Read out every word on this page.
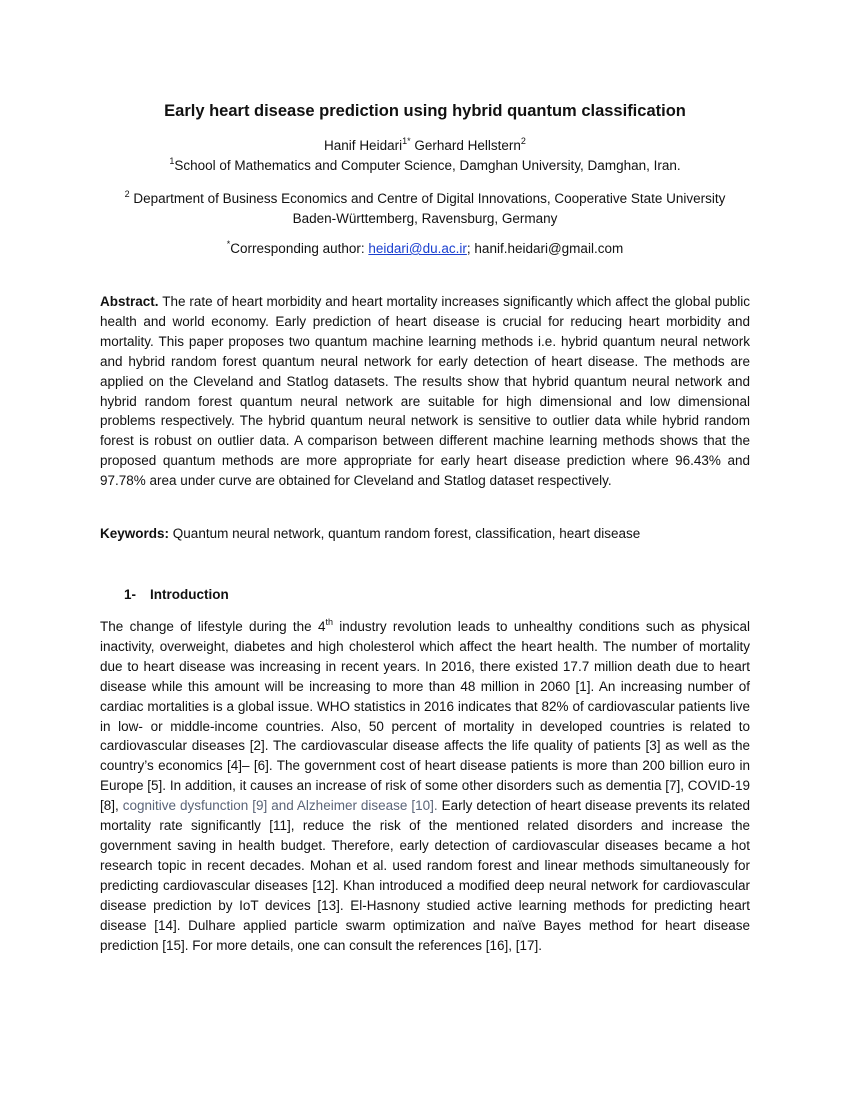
Early heart disease prediction using hybrid quantum classification
Hanif Heidari$^{1*}$ Gerhard Hellstern$^2$
$^1$School of Mathematics and Computer Science, Damghan University, Damghan, Iran.
$^2$ Department of Business Economics and Centre of Digital Innovations, Cooperative State University
Baden-Württemberg, Ravensburg, Germany
*Corresponding author: heidari@du.ac.ir; hanif.heidari@gmail.com
Abstract. The rate of heart morbidity and heart mortality increases significantly which affect the global public health and world economy. Early prediction of heart disease is crucial for reducing heart morbidity and mortality. This paper proposes two quantum machine learning methods i.e. hybrid quantum neural network and hybrid random forest quantum neural network for early detection of heart disease. The methods are applied on the Cleveland and Statlog datasets. The results show that hybrid quantum neural network and hybrid random forest quantum neural network are suitable for high dimensional and low dimensional problems respectively. The hybrid quantum neural network is sensitive to outlier data while hybrid random forest is robust on outlier data. A comparison between different machine learning methods shows that the proposed quantum methods are more appropriate for early heart disease prediction where 96.43% and 97.78% area under curve are obtained for Cleveland and Statlog dataset respectively.
Keywords: Quantum neural network, quantum random forest, classification, heart disease
1- Introduction
The change of lifestyle during the 4th industry revolution leads to unhealthy conditions such as physical inactivity, overweight, diabetes and high cholesterol which affect the heart health. The number of mortality due to heart disease was increasing in recent years. In 2016, there existed 17.7 million death due to heart disease while this amount will be increasing to more than 48 million in 2060 [1]. An increasing number of cardiac mortalities is a global issue. WHO statistics in 2016 indicates that 82% of cardiovascular patients live in low- or middle-income countries. Also, 50 percent of mortality in developed countries is related to cardiovascular diseases [2]. The cardiovascular disease affects the life quality of patients [3] as well as the country’s economics [4]– [6]. The government cost of heart disease patients is more than 200 billion euro in Europe [5]. In addition, it causes an increase of risk of some other disorders such as dementia [7], COVID-19 [8], cognitive dysfunction [9] and Alzheimer disease [10]. Early detection of heart disease prevents its related mortality rate significantly [11], reduce the risk of the mentioned related disorders and increase the government saving in health budget. Therefore, early detection of cardiovascular diseases became a hot research topic in recent decades. Mohan et al. used random forest and linear methods simultaneously for predicting cardiovascular diseases [12]. Khan introduced a modified deep neural network for cardiovascular disease prediction by IoT devices [13]. El-Hasnony studied active learning methods for predicting heart disease [14]. Dulhare applied particle swarm optimization and naïve Bayes method for heart disease prediction [15]. For more details, one can consult the references [16], [17].
